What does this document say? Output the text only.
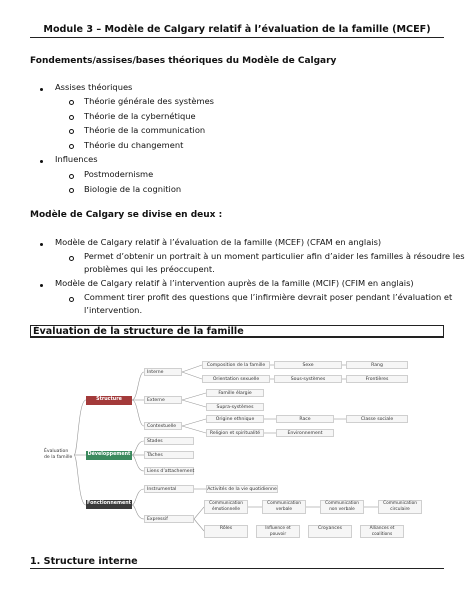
Module 3 – Modèle de Calgary relatif à l’évaluation de la famille (MCEF)
Fondements/assises/bases théoriques du Modèle de Calgary
Assises théoriques
Théorie générale des systèmes
Théorie de la cybernétique
Théorie de la communication
Théorie du changement
Influences
Postmodernisme
Biologie de la cognition
Modèle de Calgary se divise en deux :
Modèle de Calgary relatif à l’évaluation de la famille (MCEF) (CFAM en anglais)
Permet d’obtenir un portrait à un moment particulier afin d’aider les familles à résoudre les
problèmes qui les préoccupent.
Modèle de Calgary relatif à l’intervention auprès de la famille (MCIF) (CFIM en anglais)
Comment tirer profit des questions que l’infirmière devrait poser pendant l’évaluation et
l’intervention.
Évaluation de la structure de la famille
Évaluation de la famille
Structure
Développement
Fonctionnement
Interne
Externe
Contextuelle
Composition de la famille	Sexe	Rang
Orientation sexuelle	Sous-systèmes	Frontières
Famille élargie
Supra-systèmes
Origine ethnique	Race	Classe sociale
Religion et spiritualité	Environnement
Stades
Tâches
Liens d’attachement
Instrumental	Activités de la vie quotidienne
Expressif
Communication émotionnelle
Communication verbale
Communication non verbale
Communication circulaire
Rôles	Influence et pouvoir
Croyances	Alliances et coalitions
1. Structure interne
